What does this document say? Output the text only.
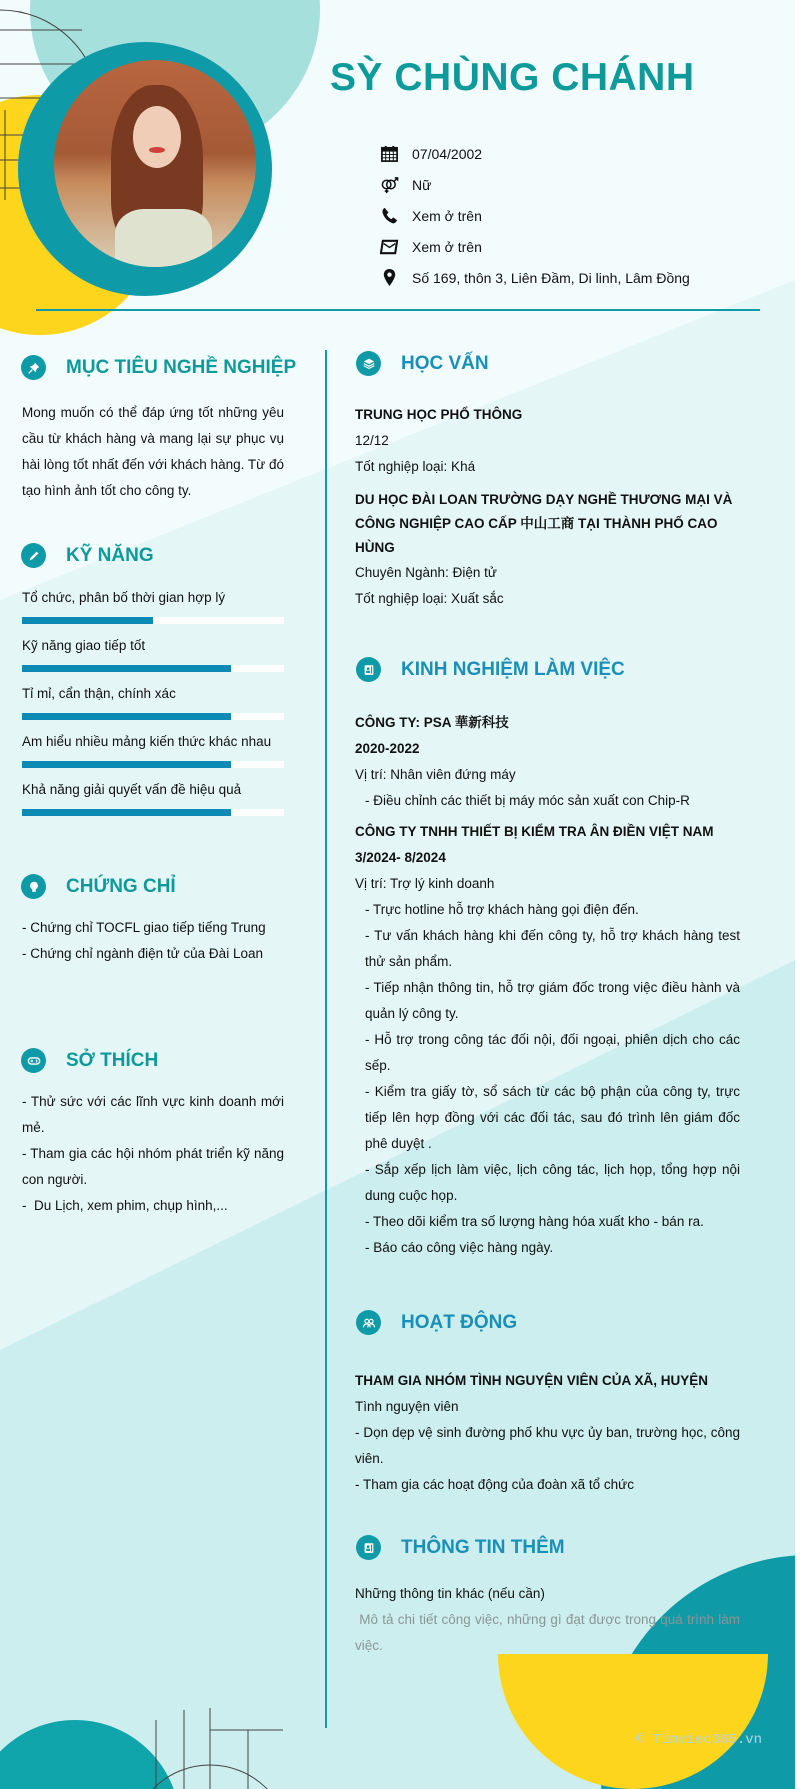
SỲ CHÙNG CHÁNH
07/04/2002
Nữ
Xem ở trên
Xem ở trên
Số 169, thôn 3, Liên Đầm, Di linh, Lâm Đồng
MỤC TIÊU NGHỀ NGHIỆP
Mong muốn có thể đáp ứng tốt những yêu cầu từ khách hàng và mang lại sự phục vụ hài lòng tốt nhất đến với khách hàng. Từ đó tạo hình ảnh tốt cho công ty.
KỸ NĂNG
Tổ chức, phân bố thời gian hợp lý
Kỹ năng giao tiếp tốt
Tỉ mỉ, cẩn thận, chính xác
Am hiểu nhiều mảng kiến thức khác nhau
Khả năng giải quyết vấn đề hiệu quả
CHỨNG CHỈ
- Chứng chỉ TOCFL giao tiếp tiếng Trung
- Chứng chỉ ngành điện tử của Đài Loan
SỞ THÍCH
- Thử sức với các lĩnh vực kinh doanh mới mẻ.
- Tham gia các hội nhóm phát triển kỹ năng con người.
-  Du Lịch, xem phim, chụp hình,...
HỌC VẤN
TRUNG HỌC PHỔ THÔNG
12/12
Tốt nghiệp loại: Khá
DU HỌC ĐÀI LOAN TRƯỜNG DẠY NGHỀ THƯƠNG MẠI VÀ CÔNG NGHIỆP CAO CẤP 中山工商 TẠI THÀNH PHỐ CAO HÙNG
Chuyên Ngành: Điện tử
Tốt nghiệp loại: Xuất sắc
KINH NGHIỆM LÀM VIỆC
CÔNG TY: PSA 華新科技
2020-2022
Vị trí: Nhân viên đứng máy
- Điều chỉnh các thiết bị máy móc sản xuất con Chip-R
CÔNG TY TNHH THIẾT BỊ KIỂM TRA ÂN ĐIỀN VIỆT NAM
3/2024- 8/2024
Vị trí: Trợ lý kinh doanh
- Trực hotline hỗ trợ khách hàng gọi điện đến.
- Tư vấn khách hàng khi đến công ty, hỗ trợ khách hàng test thử sản phẩm.
- Tiếp nhận thông tin, hỗ trợ giám đốc trong việc điều hành và quản lý công ty.
- Hỗ trợ trong công tác đối nội, đối ngoại, phiên dịch cho các sếp.
- Kiểm tra giấy tờ, sổ sách từ các bộ phận của công ty, trực tiếp lên hợp đồng với các đối tác, sau đó trình lên giám đốc phê duyệt .
- Sắp xếp lịch làm việc, lịch công tác, lịch họp, tổng hợp nội dung cuộc họp.
- Theo dõi kiểm tra số lượng hàng hóa xuất kho - bán ra.
- Báo cáo công việc hàng ngày.
HOẠT ĐỘNG
THAM GIA NHÓM TÌNH NGUYỆN VIÊN CỦA XÃ, HUYỆN
Tình nguyện viên
- Dọn dẹp vệ sinh đường phố khu vực ủy ban, trường học, công viên.
- Tham gia các hoạt động của đoàn xã tổ chức
THÔNG TIN THÊM
Những thông tin khác (nếu cần)
Mô tả chi tiết công việc, những gì đạt được trong quá trình làm việc.
© Timviec365.vn
